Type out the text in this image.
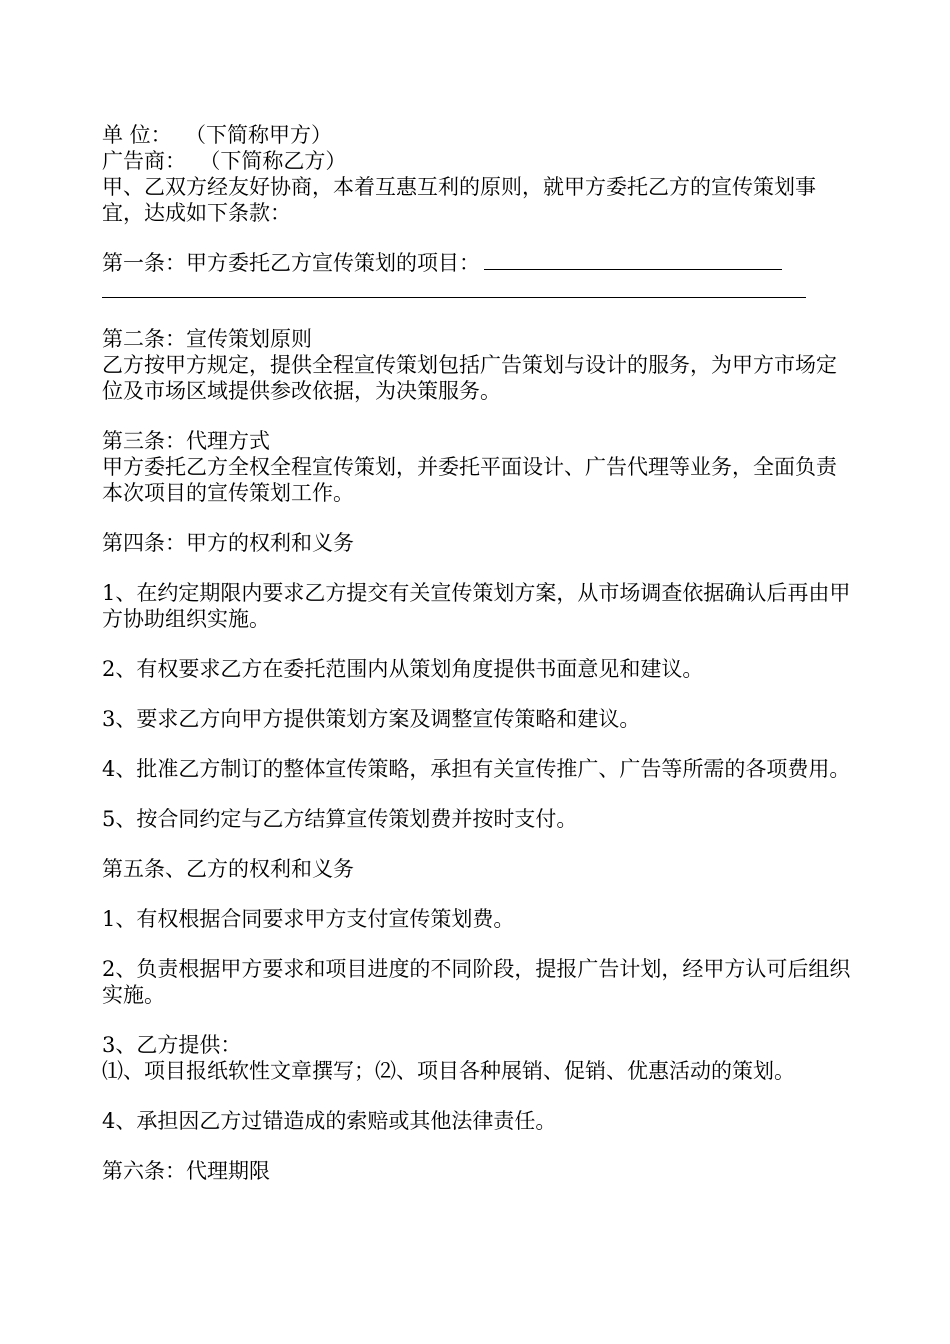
单 位：  （下简称甲方）
广告商：  （下简称乙方）
甲、乙双方经友好协商，本着互惠互利的原则，就甲方委托乙方的宣传策划事宜，达成如下条款：
第一条：甲方委托乙方宣传策划的项目：
第二条：宣传策划原则
乙方按甲方规定，提供全程宣传策划包括广告策划与设计的服务，为甲方市场定位及市场区域提供参改依据，为决策服务。
第三条：代理方式
甲方委托乙方全权全程宣传策划，并委托平面设计、广告代理等业务，全面负责本次项目的宣传策划工作。
第四条：甲方的权利和义务
1、在约定期限内要求乙方提交有关宣传策划方案，从市场调查依据确认后再由甲方协助组织实施。
2、有权要求乙方在委托范围内从策划角度提供书面意见和建议。
3、要求乙方向甲方提供策划方案及调整宣传策略和建议。
4、批准乙方制订的整体宣传策略，承担有关宣传推广、广告等所需的各项费用。
5、按合同约定与乙方结算宣传策划费并按时支付。
第五条、乙方的权利和义务
1、有权根据合同要求甲方支付宣传策划费。
2、负责根据甲方要求和项目进度的不同阶段，提报广告计划，经甲方认可后组织实施。
3、乙方提供：
⑴、项目报纸软性文章撰写；⑵、项目各种展销、促销、优惠活动的策划。
4、承担因乙方过错造成的索赔或其他法律责任。
第六条：代理期限
